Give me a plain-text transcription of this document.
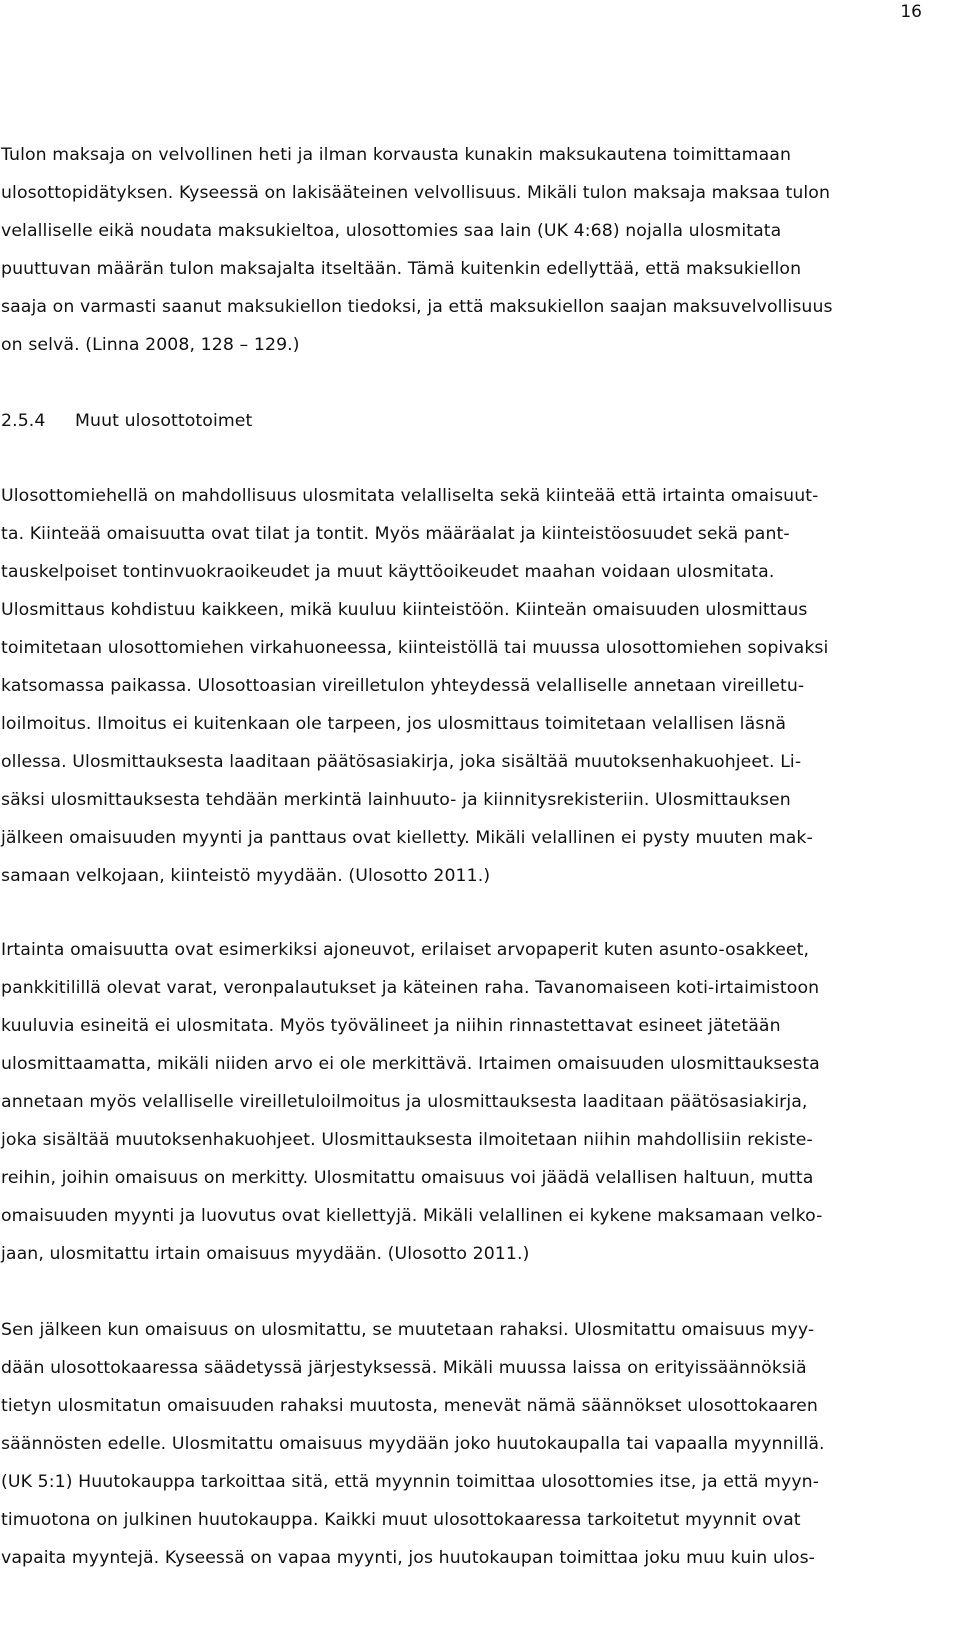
16
Tulon maksaja on velvollinen heti ja ilman korvausta kunakin maksukautena toimittamaan
ulosottopidätyksen. Kyseessä on lakisääteinen velvollisuus. Mikäli tulon maksaja maksaa tulon
velalliselle eikä noudata maksukieltoa, ulosottomies saa lain (UK 4:68) nojalla ulosmitata
puuttuvan määrän tulon maksajalta itseltään. Tämä kuitenkin edellyttää, että maksukiellon
saaja on varmasti saanut maksukiellon tiedoksi, ja että maksukiellon saajan maksuvelvollisuus
on selvä. (Linna 2008, 128 – 129.)
2.5.4 Muut ulosottotoimet
Ulosottomiehellä on mahdollisuus ulosmitata velalliselta sekä kiinteää että irtainta omaisuut-
ta. Kiinteää omaisuutta ovat tilat ja tontit. Myös määräalat ja kiinteistöosuudet sekä pant-
tauskelpoiset tontinvuokraoikeudet ja muut käyttöoikeudet maahan voidaan ulosmitata.
Ulosmittaus kohdistuu kaikkeen, mikä kuuluu kiinteistöön. Kiinteän omaisuuden ulosmittaus
toimitetaan ulosottomiehen virkahuoneessa, kiinteistöllä tai muussa ulosottomiehen sopivaksi
katsomassa paikassa. Ulosottoasian vireilletulon yhteydessä velalliselle annetaan vireilletu-
loilmoitus. Ilmoitus ei kuitenkaan ole tarpeen, jos ulosmittaus toimitetaan velallisen läsnä
ollessa. Ulosmittauksesta laaditaan päätösasiakirja, joka sisältää muutoksenhakuohjeet. Li-
säksi ulosmittauksesta tehdään merkintä lainhuuto- ja kiinnitysrekisteriin. Ulosmittauksen
jälkeen omaisuuden myynti ja panttaus ovat kielletty. Mikäli velallinen ei pysty muuten mak-
samaan velkojaan, kiinteistö myydään. (Ulosotto 2011.)
Irtainta omaisuutta ovat esimerkiksi ajoneuvot, erilaiset arvopaperit kuten asunto-osakkeet,
pankkitilillä olevat varat, veronpalautukset ja käteinen raha. Tavanomaiseen koti-irtaimistoon
kuuluvia esineitä ei ulosmitata. Myös työvälineet ja niihin rinnastettavat esineet jätetään
ulosmittaamatta, mikäli niiden arvo ei ole merkittävä. Irtaimen omaisuuden ulosmittauksesta
annetaan myös velalliselle vireilletuloilmoitus ja ulosmittauksesta laaditaan päätösasiakirja,
joka sisältää muutoksenhakuohjeet. Ulosmittauksesta ilmoitetaan niihin mahdollisiin rekiste-
reihin, joihin omaisuus on merkitty. Ulosmitattu omaisuus voi jäädä velallisen haltuun, mutta
omaisuuden myynti ja luovutus ovat kiellettyjä. Mikäli velallinen ei kykene maksamaan velko-
jaan, ulosmitattu irtain omaisuus myydään. (Ulosotto 2011.)
Sen jälkeen kun omaisuus on ulosmitattu, se muutetaan rahaksi. Ulosmitattu omaisuus myy-
dään ulosottokaaressa säädetyssä järjestyksessä. Mikäli muussa laissa on erityissäännöksiä
tietyn ulosmitatun omaisuuden rahaksi muutosta, menevät nämä säännökset ulosottokaaren
säännösten edelle. Ulosmitattu omaisuus myydään joko huutokaupalla tai vapaalla myynnillä.
(UK 5:1) Huutokauppa tarkoittaa sitä, että myynnin toimittaa ulosottomies itse, ja että myyn-
timuotona on julkinen huutokauppa. Kaikki muut ulosottokaaressa tarkoitetut myynnit ovat
vapaita myyntejä. Kyseessä on vapaa myynti, jos huutokaupan toimittaa joku muu kuin ulos-
